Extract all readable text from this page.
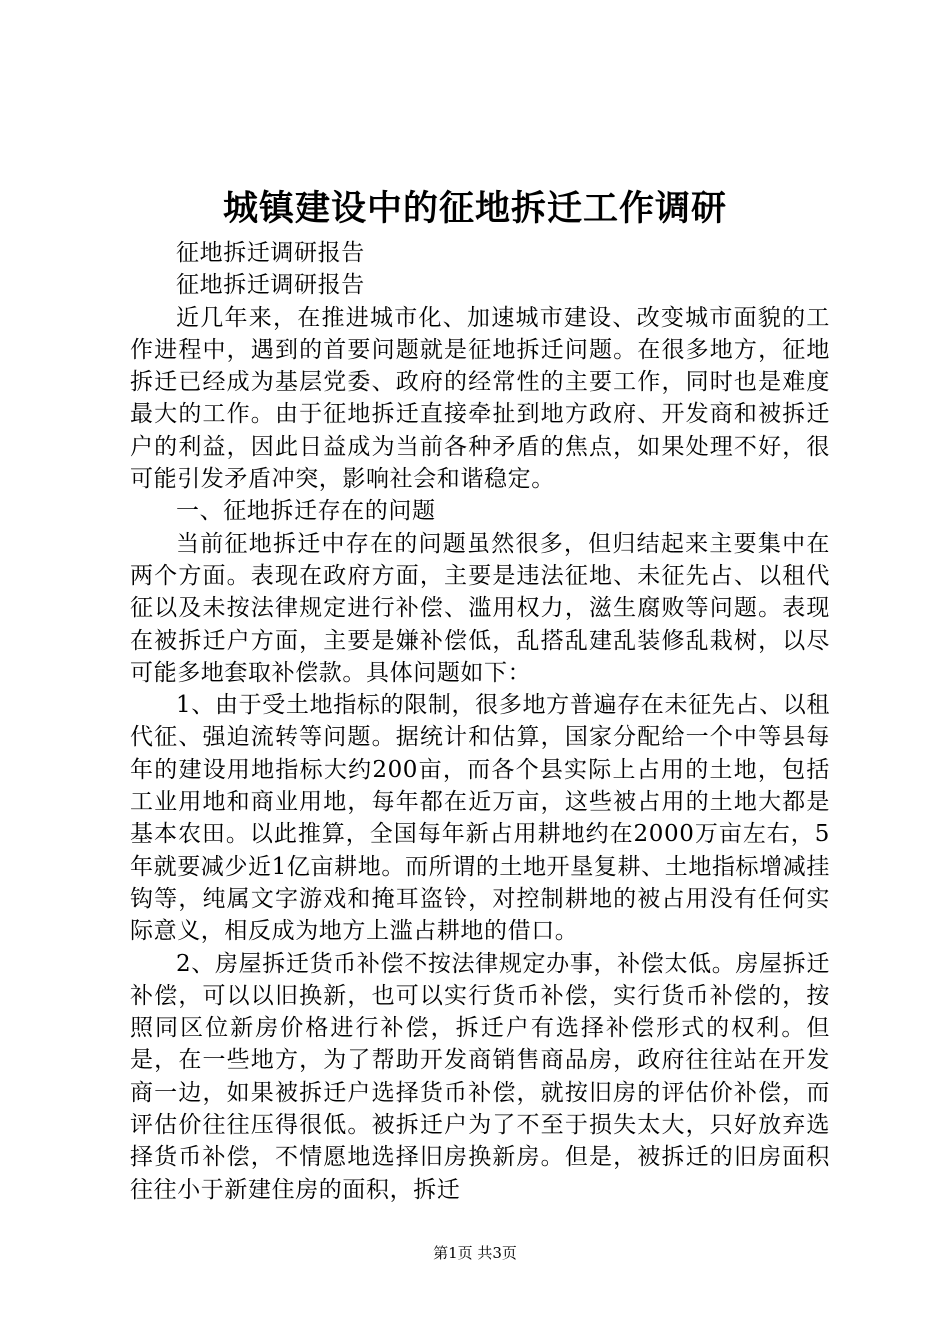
城镇建设中的征地拆迁工作调研

征地拆迁调研报告

征地拆迁调研报告

近几年来，在推进城市化、加速城市建设、改变城市面貌的工作进程中，遇到的首要问题就是征地拆迁问题。在很多地方，征地拆迁已经成为基层党委、政府的经常性的主要工作，同时也是难度最大的工作。由于征地拆迁直接牵扯到地方政府、开发商和被拆迁户的利益，因此日益成为当前各种矛盾的焦点，如果处理不好，很可能引发矛盾冲突，影响社会和谐稳定。

一、征地拆迁存在的问题

当前征地拆迁中存在的问题虽然很多，但归结起来主要集中在两个方面。表现在政府方面，主要是违法征地、未征先占、以租代征以及未按法律规定进行补偿、滥用权力，滋生腐败等问题。表现在被拆迁户方面，主要是嫌补偿低，乱搭乱建乱装修乱栽树，以尽可能多地套取补偿款。具体问题如下：

1、由于受土地指标的限制，很多地方普遍存在未征先占、以租代征、强迫流转等问题。据统计和估算，国家分配给一个中等县每年的建设用地指标大约200亩，而各个县实际上占用的土地，包括工业用地和商业用地，每年都在近万亩，这些被占用的土地大都是基本农田。以此推算，全国每年新占用耕地约在2000万亩左右，5年就要减少近1亿亩耕地。而所谓的土地开垦复耕、土地指标增减挂钩等，纯属文字游戏和掩耳盗铃，对控制耕地的被占用没有任何实际意义，相反成为地方上滥占耕地的借口。

2、房屋拆迁货币补偿不按法律规定办事，补偿太低。房屋拆迁补偿，可以以旧换新，也可以实行货币补偿，实行货币补偿的，按照同区位新房价格进行补偿，拆迁户有选择补偿形式的权利。但是，在一些地方，为了帮助开发商销售商品房，政府往往站在开发商一边，如果被拆迁户选择货币补偿，就按旧房的评估价补偿，而评估价往往压得很低。被拆迁户为了不至于损失太大，只好放弃选择货币补偿，不情愿地选择旧房换新房。但是，被拆迁的旧房面积往往小于新建住房的面积，拆迁

第1页 共3页
